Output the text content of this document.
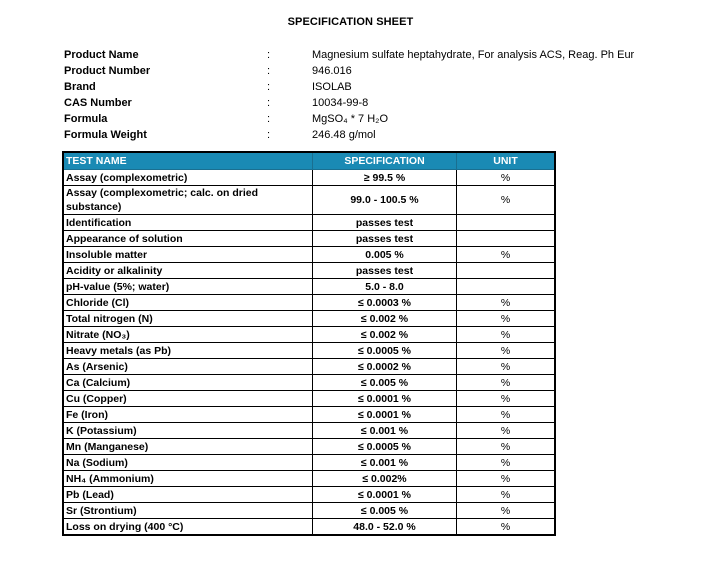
SPECIFICATION SHEET
Product Name	:	Magnesium sulfate heptahydrate, For analysis ACS, Reag. Ph Eur
Product Number	:	946.016
Brand	:	ISOLAB
CAS Number	:	10034-99-8
Formula	:	MgSO₄ * 7 H₂O
Formula Weight	:	246.48 g/mol
TEST NAME	SPECIFICATION	UNIT
Assay (complexometric)	≥ 99.5 %	%
Assay (complexometric; calc. on dried substance)	99.0 - 100.5 %	%
Identification	passes test	
Appearance of solution	passes test	
Insoluble matter	0.005 %	%
Acidity or alkalinity	passes test	
pH-value (5%; water)	5.0 - 8.0	
Chloride (Cl)	≤ 0.0003 %	%
Total nitrogen (N)	≤ 0.002 %	%
Nitrate (NO₃)	≤ 0.002 %	%
Heavy metals (as Pb)	≤ 0.0005 %	%
As (Arsenic)	≤ 0.0002 %	%
Ca (Calcium)	≤ 0.005 %	%
Cu (Copper)	≤ 0.0001 %	%
Fe (Iron)	≤ 0.0001 %	%
K (Potassium)	≤ 0.001 %	%
Mn (Manganese)	≤ 0.0005 %	%
Na (Sodium)	≤ 0.001 %	%
NH₄ (Ammonium)	≤ 0.002%	%
Pb (Lead)	≤ 0.0001 %	%
Sr (Strontium)	≤ 0.005 %	%
Loss on drying (400 °C)	48.0 - 52.0 %	%
